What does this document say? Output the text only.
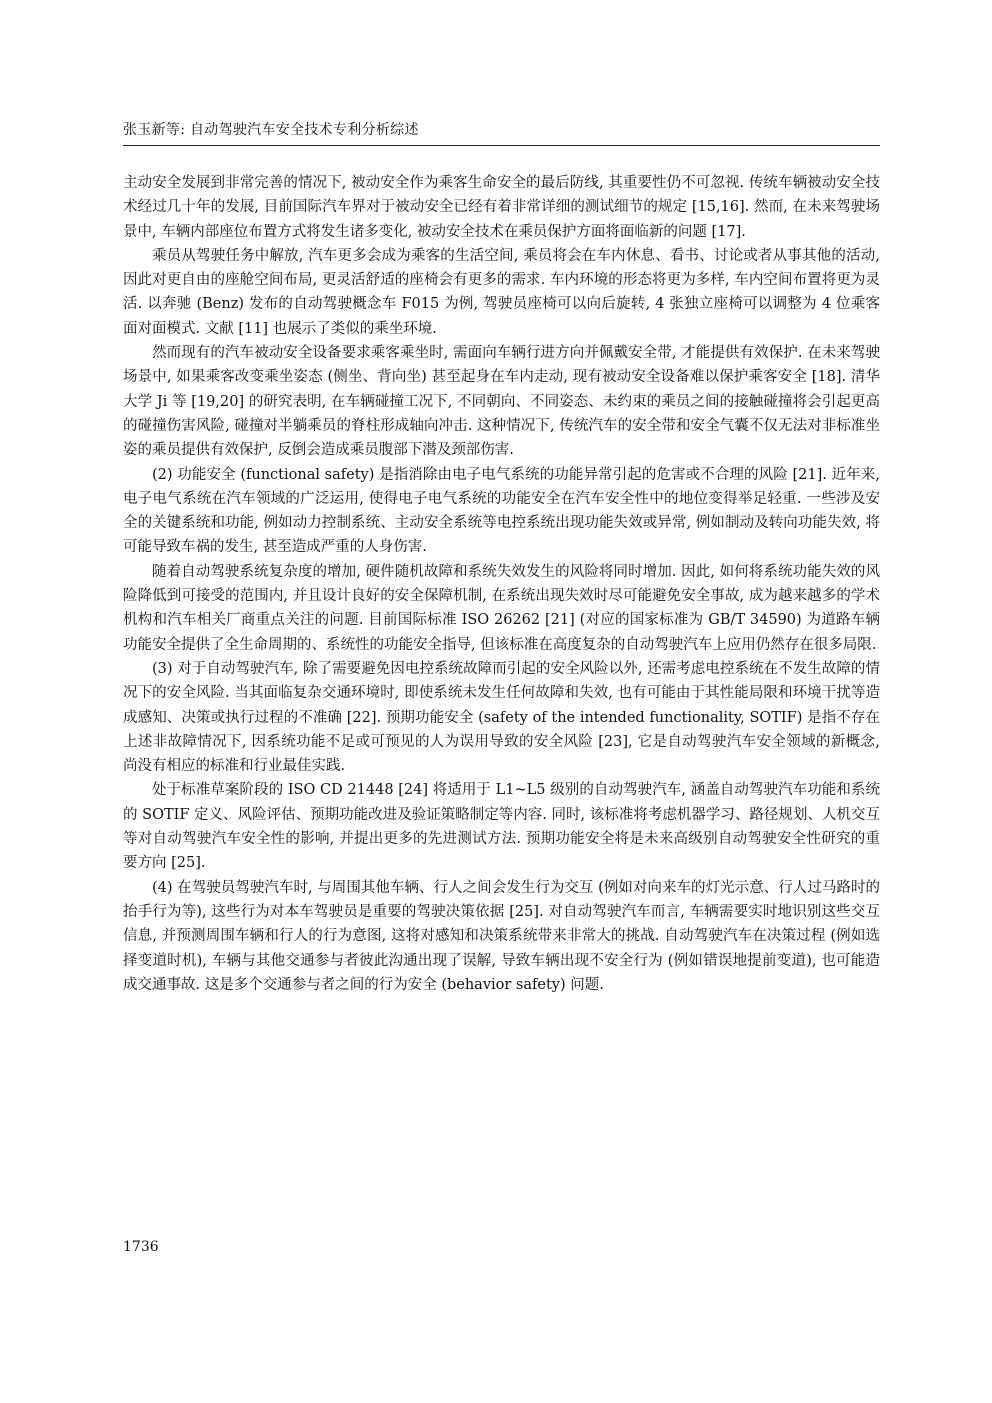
张玉新等: 自动驾驶汽车安全技术专利分析综述

主动安全发展到非常完善的情况下, 被动安全作为乘客生命安全的最后防线, 其重要性仍不可忽视. 传统车辆被动安全技术经过几十年的发展, 目前国际汽车界对于被动安全已经有着非常详细的测试细节的规定 [15,16]. 然而, 在未来驾驶场景中, 车辆内部座位布置方式将发生诸多变化, 被动安全技术在乘员保护方面将面临新的问题 [17].

乘员从驾驶任务中解放, 汽车更多会成为乘客的生活空间, 乘员将会在车内休息、看书、讨论或者从事其他的活动, 因此对更自由的座舱空间布局, 更灵活舒适的座椅会有更多的需求. 车内环境的形态将更为多样, 车内空间布置将更为灵活. 以奔驰 (Benz) 发布的自动驾驶概念车 F015 为例, 驾驶员座椅可以向后旋转, 4 张独立座椅可以调整为 4 位乘客面对面模式. 文献 [11] 也展示了类似的乘坐环境.

然而现有的汽车被动安全设备要求乘客乘坐时, 需面向车辆行进方向并佩戴安全带, 才能提供有效保护. 在未来驾驶场景中, 如果乘客改变乘坐姿态 (侧坐、背向坐) 甚至起身在车内走动, 现有被动安全设备难以保护乘客安全 [18]. 清华大学 Ji 等 [19,20] 的研究表明, 在车辆碰撞工况下, 不同朝向、不同姿态、未约束的乘员之间的接触碰撞将会引起更高的碰撞伤害风险, 碰撞对半躺乘员的脊柱形成轴向冲击. 这种情况下, 传统汽车的安全带和安全气囊不仅无法对非标准坐姿的乘员提供有效保护, 反倒会造成乘员腹部下潜及颈部伤害.

(2) 功能安全 (functional safety) 是指消除由电子电气系统的功能异常引起的危害或不合理的风险 [21]. 近年来, 电子电气系统在汽车领域的广泛运用, 使得电子电气系统的功能安全在汽车安全性中的地位变得举足轻重. 一些涉及安全的关键系统和功能, 例如动力控制系统、主动安全系统等电控系统出现功能失效或异常, 例如制动及转向功能失效, 将可能导致车祸的发生, 甚至造成严重的人身伤害.

随着自动驾驶系统复杂度的增加, 硬件随机故障和系统失效发生的风险将同时增加. 因此, 如何将系统功能失效的风险降低到可接受的范围内, 并且设计良好的安全保障机制, 在系统出现失效时尽可能避免安全事故, 成为越来越多的学术机构和汽车相关厂商重点关注的问题. 目前国际标准 ISO 26262 [21] (对应的国家标准为 GB/T 34590) 为道路车辆功能安全提供了全生命周期的、系统性的功能安全指导, 但该标准在高度复杂的自动驾驶汽车上应用仍然存在很多局限.

(3) 对于自动驾驶汽车, 除了需要避免因电控系统故障而引起的安全风险以外, 还需考虑电控系统在不发生故障的情况下的安全风险. 当其面临复杂交通环境时, 即使系统未发生任何故障和失效, 也有可能由于其性能局限和环境干扰等造成感知、决策或执行过程的不准确 [22]. 预期功能安全 (safety of the intended functionality, SOTIF) 是指不存在上述非故障情况下, 因系统功能不足或可预见的人为误用导致的安全风险 [23], 它是自动驾驶汽车安全领域的新概念, 尚没有相应的标准和行业最佳实践.

处于标准草案阶段的 ISO CD 21448 [24] 将适用于 L1~L5 级别的自动驾驶汽车, 涵盖自动驾驶汽车功能和系统的 SOTIF 定义、风险评估、预期功能改进及验证策略制定等内容. 同时, 该标准将考虑机器学习、路径规划、人机交互等对自动驾驶汽车安全性的影响, 并提出更多的先进测试方法. 预期功能安全将是未来高级别自动驾驶安全性研究的重要方向 [25].

(4) 在驾驶员驾驶汽车时, 与周围其他车辆、行人之间会发生行为交互 (例如对向来车的灯光示意、行人过马路时的抬手行为等), 这些行为对本车驾驶员是重要的驾驶决策依据 [25]. 对自动驾驶汽车而言, 车辆需要实时地识别这些交互信息, 并预测周围车辆和行人的行为意图, 这将对感知和决策系统带来非常大的挑战. 自动驾驶汽车在决策过程 (例如选择变道时机), 车辆与其他交通参与者彼此沟通出现了误解, 导致车辆出现不安全行为 (例如错误地提前变道), 也可能造成交通事故. 这是多个交通参与者之间的行为安全 (behavior safety) 问题.

1736
